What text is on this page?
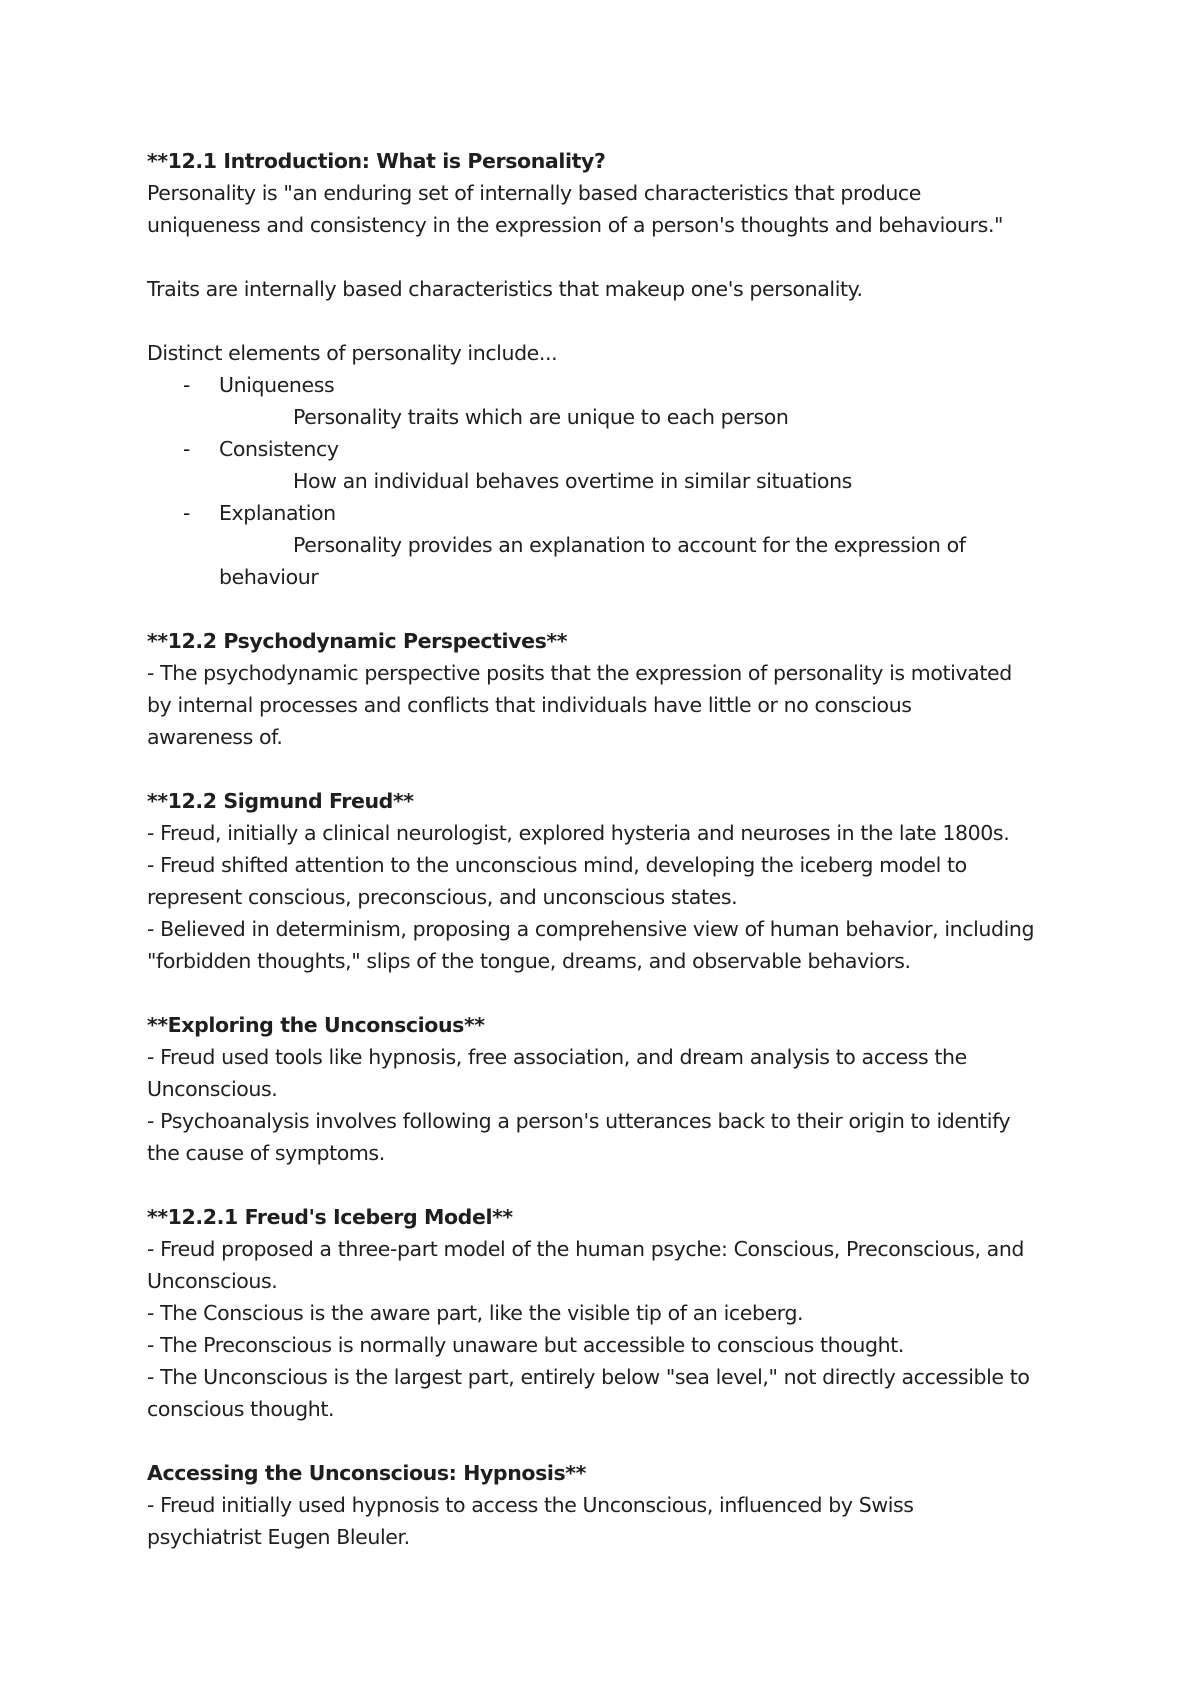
**12.1 Introduction: What is Personality?
Personality is "an enduring set of internally based characteristics that produce
uniqueness and consistency in the expression of a person's thoughts and behaviours."
Traits are internally based characteristics that makeup one's personality.
Distinct elements of personality include...
-	Uniqueness
Personality traits which are unique to each person
-	Consistency
How an individual behaves overtime in similar situations
-	Explanation
Personality provides an explanation to account for the expression of
behaviour
**12.2 Psychodynamic Perspectives**
- The psychodynamic perspective posits that the expression of personality is motivated
by internal processes and conflicts that individuals have little or no conscious
awareness of.
**12.2 Sigmund Freud**
- Freud, initially a clinical neurologist, explored hysteria and neuroses in the late 1800s.
- Freud shifted attention to the unconscious mind, developing the iceberg model to
represent conscious, preconscious, and unconscious states.
- Believed in determinism, proposing a comprehensive view of human behavior, including
"forbidden thoughts," slips of the tongue, dreams, and observable behaviors.
**Exploring the Unconscious**
- Freud used tools like hypnosis, free association, and dream analysis to access the
Unconscious.
- Psychoanalysis involves following a person's utterances back to their origin to identify
the cause of symptoms.
**12.2.1 Freud's Iceberg Model**
- Freud proposed a three-part model of the human psyche: Conscious, Preconscious, and
Unconscious.
- The Conscious is the aware part, like the visible tip of an iceberg.
- The Preconscious is normally unaware but accessible to conscious thought.
- The Unconscious is the largest part, entirely below "sea level," not directly accessible to
conscious thought.
Accessing the Unconscious: Hypnosis**
- Freud initially used hypnosis to access the Unconscious, influenced by Swiss
psychiatrist Eugen Bleuler.
